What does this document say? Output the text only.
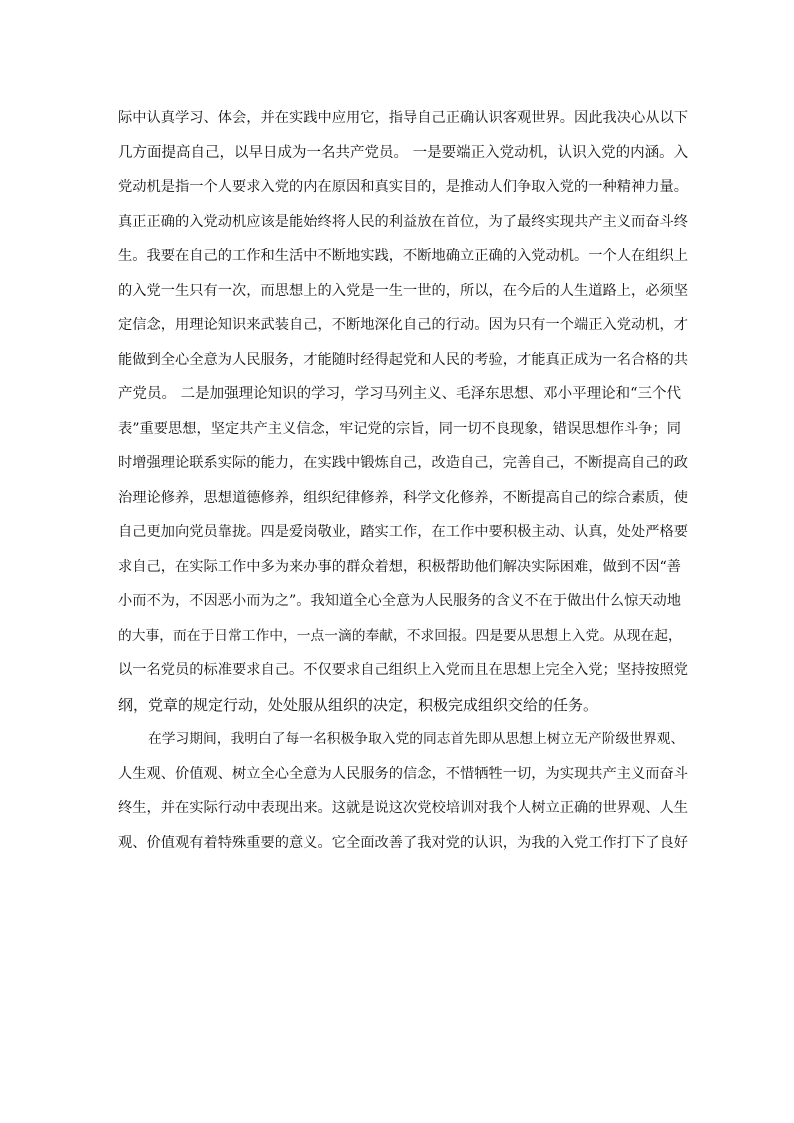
际中认真学习、体会，并在实践中应用它，指导自己正确认识客观世界。因此我决心从以下
几方面提高自己，以早日成为一名共产党员。 一是要端正入党动机，认识入党的内涵。入
党动机是指一个人要求入党的内在原因和真实目的，是推动人们争取入党的一种精神力量。
真正正确的入党动机应该是能始终将人民的利益放在首位，为了最终实现共产主义而奋斗终
生。我要在自己的工作和生活中不断地实践，不断地确立正确的入党动机。一个人在组织上
的入党一生只有一次，而思想上的入党是一生一世的，所以，在今后的人生道路上，必须坚
定信念，用理论知识来武装自己，不断地深化自己的行动。因为只有一个端正入党动机，才
能做到全心全意为人民服务，才能随时经得起党和人民的考验，才能真正成为一名合格的共
产党员。 二是加强理论知识的学习，学习马列主义、毛泽东思想、邓小平理论和“三个代
表”重要思想，坚定共产主义信念，牢记党的宗旨，同一切不良现象，错误思想作斗争；同
时增强理论联系实际的能力，在实践中锻炼自己，改造自己，完善自己，不断提高自己的政
治理论修养，思想道德修养，组织纪律修养，科学文化修养，不断提高自己的综合素质，使
自己更加向党员靠拢。四是爱岗敬业，踏实工作，在工作中要积极主动、认真，处处严格要
求自己，在实际工作中多为来办事的群众着想，积极帮助他们解决实际困难，做到不因“善
小而不为，不因恶小而为之”。我知道全心全意为人民服务的含义不在于做出什么惊天动地
的大事，而在于日常工作中，一点一滴的奉献，不求回报。四是要从思想上入党。从现在起，
以一名党员的标准要求自己。不仅要求自己组织上入党而且在思想上完全入党；坚持按照党
纲，党章的规定行动，处处服从组织的决定，积极完成组织交给的任务。
在学习期间，我明白了每一名积极争取入党的同志首先即从思想上树立无产阶级世界观、
人生观、价值观、树立全心全意为人民服务的信念，不惜牺牲一切，为实现共产主义而奋斗
终生，并在实际行动中表现出来。这就是说这次党校培训对我个人树立正确的世界观、人生
观、价值观有着特殊重要的意义。它全面改善了我对党的认识，为我的入党工作打下了良好
